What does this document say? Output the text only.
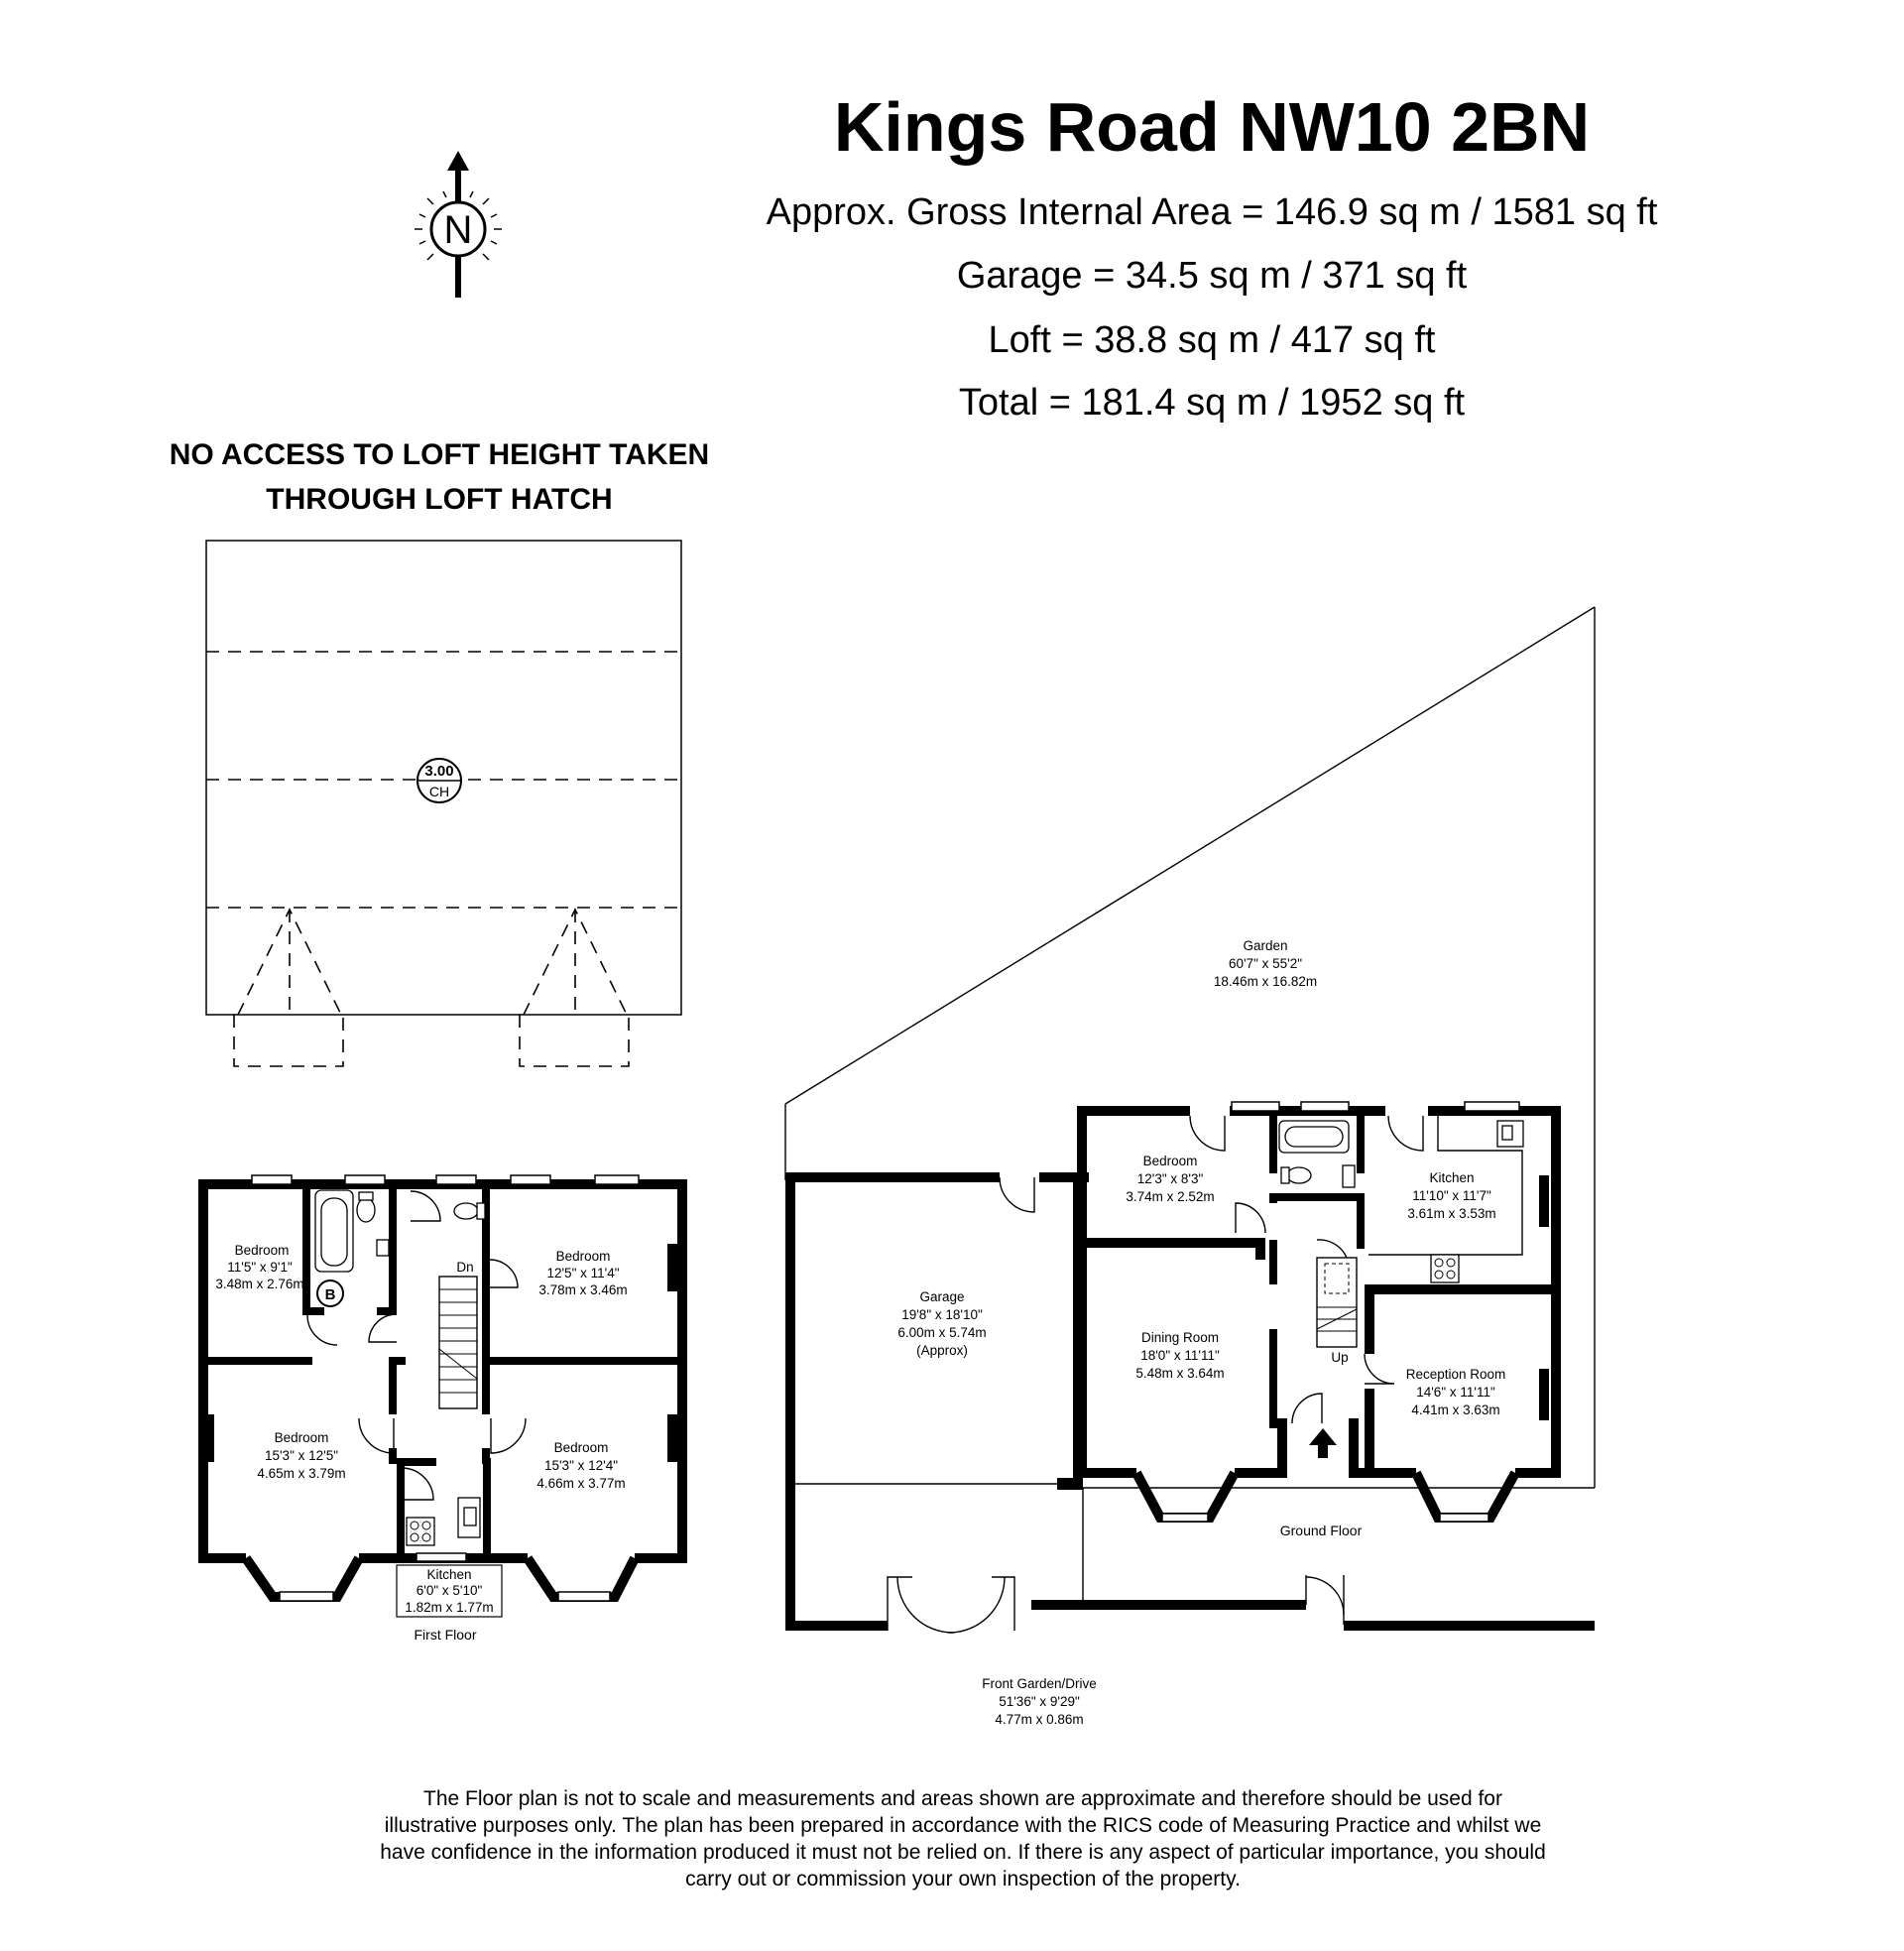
Kings Road NW10 2BN
Approx. Gross Internal Area = 146.9 sq m / 1581 sq ft
Garage = 34.5 sq m / 371 sq ft
Loft = 38.8 sq m / 417 sq ft
Total = 181.4 sq m / 1952 sq ft
N
NO ACCESS TO LOFT HEIGHT TAKEN
THROUGH LOFT HATCH
3.00
CH
B
Dn
Bedroom
11'5" x 9'1"
3.48m x 2.76m
Bedroom
12'5" x 11'4"
3.78m x 3.46m
Bedroom
15'3" x 12'5"
4.65m x 3.79m
Bedroom
15'3" x 12'4"
4.66m x 3.77m
Kitchen
6'0" x 5'10"
1.82m x 1.77m
First Floor
Up
Garden
60'7" x 55'2"
18.46m x 16.82m
Garage
19'8" x 18'10"
6.00m x 5.74m
(Approx)
Bedroom
12'3" x 8'3"
3.74m x 2.52m
Kitchen
11'10" x 11'7"
3.61m x 3.53m
Dining Room
18'0" x 11'11"
5.48m x 3.64m	Reception Room
14'6" x 11'11"
4.41m x 3.63m
Ground Floor
Front Garden/Drive
51'36" x 9'29"
4.77m x 0.86m
The Floor plan is not to scale and measurements and areas shown are approximate and therefore should be used for
illustrative purposes only. The plan has been prepared in accordance with the RICS code of Measuring Practice and whilst we
have confidence in the information produced it must not be relied on. If there is any aspect of particular importance, you should
carry out or commission your own inspection of the property.
